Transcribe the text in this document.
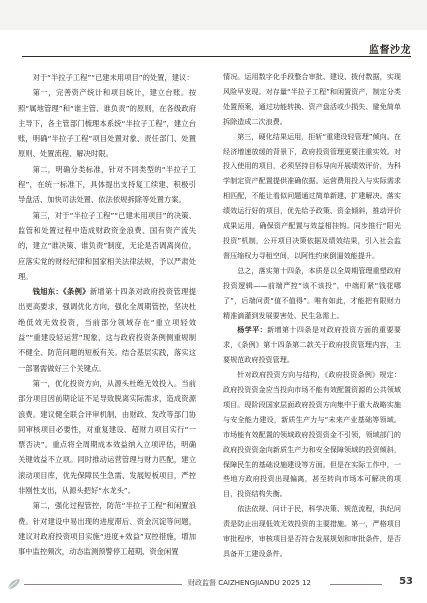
监督沙龙

对于“半拉子工程”“已建未用项目”的处置，建议：

第一，完善资产统计和项目统计，建立台账。按照“属地管理”和“谁主管、谁负责”的原则，在各级政府主导下，各主管部门梳理本系统“半拉子工程”，建立台账，明确“半拉子工程”项目处置对象、责任部门、处置原则、处置流程、解决时限。

第二，明确分类标准，针对不同类型的“半拉子工程”，在统一标准下，具体提出支持复工续建、积极引导盘活、加快司法处置、依法依规拆除等处置方案。

第三，对于“半拉子工程”“已建未用项目”的决策、监管和处置过程中造成财政资金浪费、国有资产流失的，建立“谁决策、谁负责”制度，无论是否调离岗位，应落实党的财经纪律和国家相关法律法规，予以严肃处理。

钱旭东：《条例》新增第十四条对政府投资管理提出更高要求，强调优化方向，强化全周期管控，坚决杜绝低效无效投资，当前部分领域存在“重立项轻效益”“重建设轻运营”现象，这与政府投资条例侧重规制不健全、防范问题的短板有关。结合基层实践，落实这一部署需做好三个关键点。

第一，优化投资方向，从源头杜绝无效投入。当前部分项目因前期论证不足导致脱离实际需求，造成资源浪费。建议健全联合评审机制，由财政、发改等部门协同审核项目必要性，对重复建设、超财力项目实行“一票否决”。重点将全周期成本效益纳入立项评估，明确关键效益不立项。同时推动运营管理与财力匹配，建立滚动项目库，优先保障民生急需、发展短板项目，严控非刚性支出，从源头把好“水龙头”。

第二，强化过程管控，防范“半拉子工程”和闲置浪费。针对建设中易出现的进度滞后、资金沉淀等问题，建议对政府投资项目实施“进度+效益”双控措施，增加事中监控频次，动态监测预警停工超期、资金闲置

情况。运用数字化手段整合审批、建设、拨付数据，实现风险早发现。对存量“半拉子工程”和闲置资产，制定分类处置预案，通过功能转换、资产盘活或少损失、避免简单拆除造成二次浪费。

第三，硬化结果运用，拒斩“重建设轻管理”倾向。在经济增速放缓的背景下，政府投资管理更要注重实效。对投入使用的项目，必须坚持目标导向开展绩效评价，为科学制定资产配置提供准确依据。运营费用投入与实际需求相匹配，不能让看似问题通过简单新建、扩建解决。落实绩效运行好的项目，优先给予政策、资金倾斜，推动评价成果运用，确保资产配置与效益相挂钩。同步推行“阳光投资”机制，公开项目决策依据及绩效结果，引入社会监督压缩权力寻租空间，以阿性约束倒逼效能提升。

总之，落实第十四条，本质是以全周期管理重塑政府投资逻辑——前端严控“该不该投”，中端盯紧“钱花哪了”，后端问责“值不值得”。唯有如此，才能把有限财力精准滴灌到发展要害处、民生急需上。

杨学平：新增第十四条是对政府投资方面的重要要求，《条例》第十四条第二款关于政府投资管理内容，主要规范政府投资管理。

针对政府投资方向与结构，《政府投资条例》规定：政府投资资金应当投向市场不能有效配置资源的公共领域项目。现阶段国家层面政府投资方向集中于重大战略实施与安全能力建设，新质生产力与“未来产业基础等领域。市场能有效配置的领域政府投资资金不引领，领域部门的政府投资资金向新质生产力和安全保障领域的投资倾斜，保障民生的基础设施建设等方面。但是在实际工作中，一些地方政府投资出现偏离，甚至转向市场本可解决的项目，投资结构失衡。

依法依规、问计于民，科学决策、规范流程，执纪问责是防止出现低效无效投资的主要措施。第一，严格项目审批程序，审核项目是否符合发展规划和审批条件，是否具备开工建设条件。

财政监督 CAIZHENGJIANDU 2025 12	53
